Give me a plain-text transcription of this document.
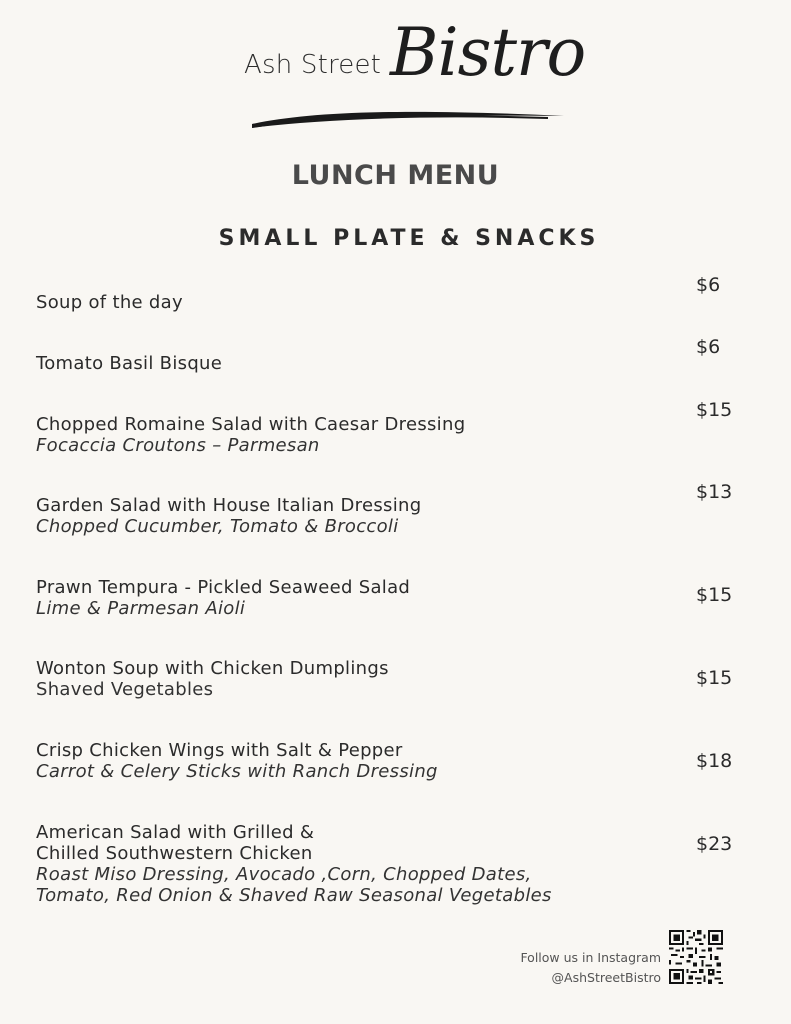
Ash Street Bistro
LUNCH MENU
SMALL PLATE & SNACKS
Soup of the day
$6
Tomato Basil Bisque
$6
Chopped Romaine Salad with Caesar Dressing
Focaccia Croutons – Parmesan
$15
Garden Salad with House Italian Dressing
Chopped Cucumber, Tomato & Broccoli
$13
Prawn Tempura - Pickled Seaweed Salad
Lime & Parmesan Aioli
$15
Wonton Soup with Chicken Dumplings
Shaved Vegetables
$15
Crisp Chicken Wings with Salt & Pepper
Carrot & Celery Sticks with Ranch Dressing	$18
American Salad with Grilled &
Chilled Southwestern Chicken
Roast Miso Dressing, Avocado ,Corn, Chopped Dates,
Tomato, Red Onion & Shaved Raw Seasonal Vegetables
$23
Follow us in Instagram
@AshStreetBistro
